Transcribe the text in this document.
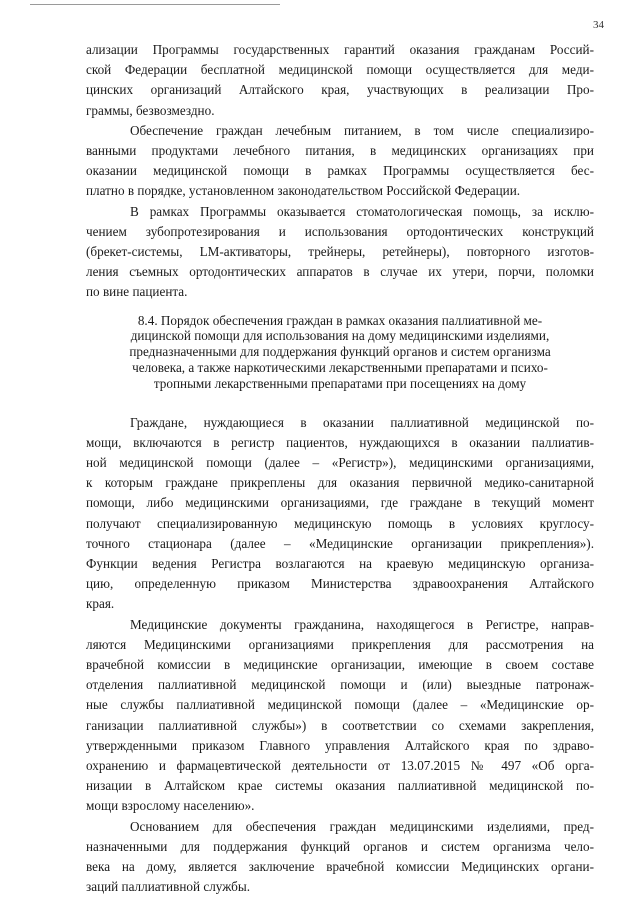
34

ализации Программы государственных гарантий оказания гражданам Россий-
ской Федерации бесплатной медицинской помощи осуществляется для меди-
цинских организаций Алтайского края, участвующих в реализации Про-
граммы, безвозмездно.

Обеспечение граждан лечебным питанием, в том числе специализиро-
ванными продуктами лечебного питания, в медицинских организациях при
оказании медицинской помощи в рамках Программы осуществляется бес-
платно в порядке, установленном законодательством Российской Федерации.

В рамках Программы оказывается стоматологическая помощь, за исклю-
чением зубопротезирования и использования ортодонтических конструкций
(брекет-системы, LM-активаторы, трейнеры, ретейнеры), повторного изготов-
ления съемных ортодонтических аппаратов в случае их утери, порчи, поломки
по вине пациента.

8.4. Порядок обеспечения граждан в рамках оказания паллиативной ме-
дицинской помощи для использования на дому медицинскими изделиями,
предназначенными для поддержания функций органов и систем организма
человека, а также наркотическими лекарственными препаратами и психо-
тропными лекарственными препаратами при посещениях на дому

Граждане, нуждающиеся в оказании паллиативной медицинской по-
мощи, включаются в регистр пациентов, нуждающихся в оказании паллиатив-
ной медицинской помощи (далее – «Регистр»), медицинскими организациями,
к которым граждане прикреплены для оказания первичной медико-санитарной
помощи, либо медицинскими организациями, где граждане в текущий момент
получают специализированную медицинскую помощь в условиях круглосу-
точного стационара (далее – «Медицинские организации прикрепления»).
Функции ведения Регистра возлагаются на краевую медицинскую организа-
цию, определенную приказом Министерства здравоохранения Алтайского
края.

Медицинские документы гражданина, находящегося в Регистре, направ-
ляются Медицинскими организациями прикрепления для рассмотрения на
врачебной комиссии в медицинские организации, имеющие в своем составе
отделения паллиативной медицинской помощи и (или) выездные патронаж-
ные службы паллиативной медицинской помощи (далее – «Медицинские ор-
ганизации паллиативной службы») в соответствии со схемами закрепления,
утвержденными приказом Главного управления Алтайского края по здраво-
охранению и фармацевтической деятельности от 13.07.2015 № 497 «Об орга-
низации в Алтайском крае системы оказания паллиативной медицинской по-
мощи взрослому населению».

Основанием для обеспечения граждан медицинскими изделиями, пред-
назначенными для поддержания функций органов и систем организма чело-
века на дому, является заключение врачебной комиссии Медицинских органи-
заций паллиативной службы.
